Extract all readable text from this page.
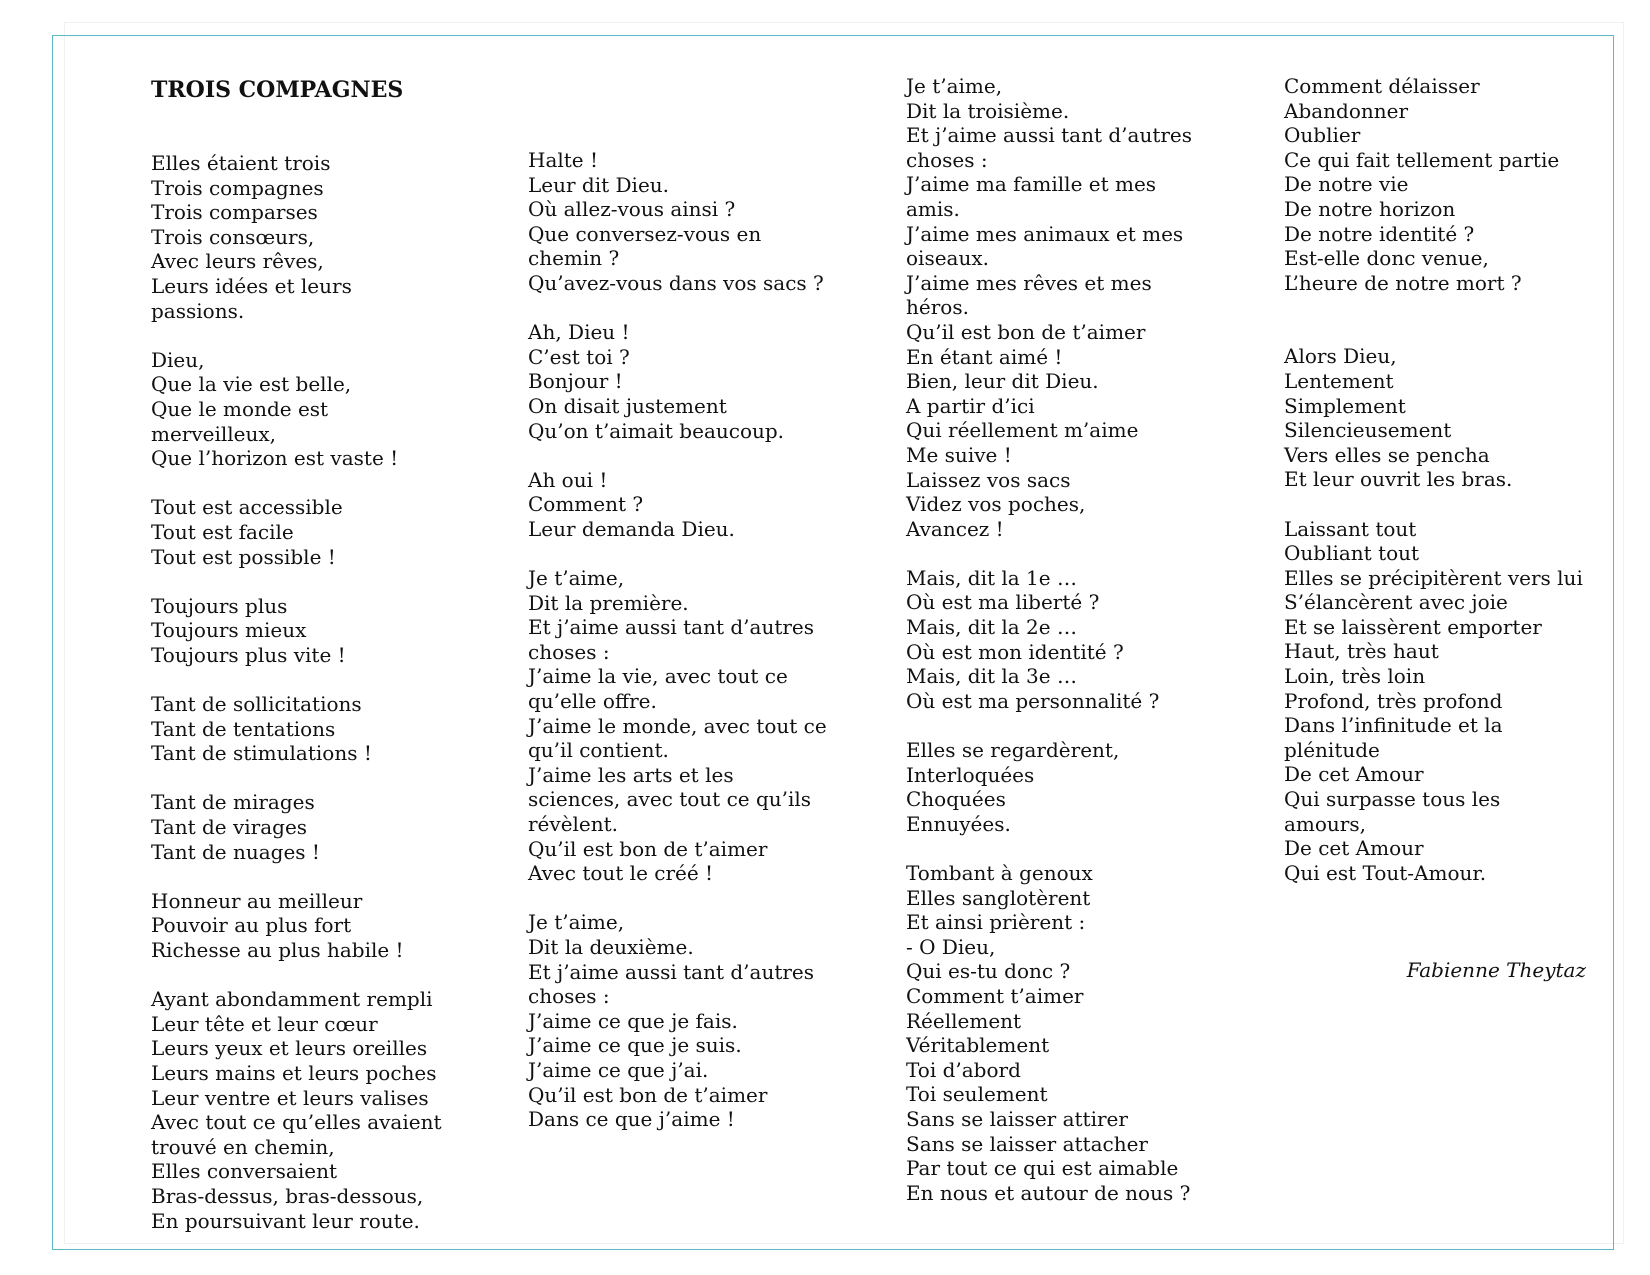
TROIS COMPAGNES
Elles étaient trois
Trois compagnes
Trois comparses
Trois consœurs,
Avec leurs rêves,
Leurs idées et leurs
passions.
Dieu,
Que la vie est belle,
Que le monde est
merveilleux,
Que l’horizon est vaste !
Tout est accessible
Tout est facile
Tout est possible !
Toujours plus
Toujours mieux
Toujours plus vite !
Tant de sollicitations
Tant de tentations
Tant de stimulations !
Tant de mirages
Tant de virages
Tant de nuages !
Honneur au meilleur
Pouvoir au plus fort
Richesse au plus habile !
Ayant abondamment rempli
Leur tête et leur cœur
Leurs yeux et leurs oreilles
Leurs mains et leurs poches
Leur ventre et leurs valises
Avec tout ce qu’elles avaient
trouvé en chemin,
Elles conversaient
Bras-dessus, bras-dessous,
En poursuivant leur route.
Halte !
Leur dit Dieu.
Où allez-vous ainsi ?
Que conversez-vous en
chemin ?
Qu’avez-vous dans vos sacs ?
Ah, Dieu !
C’est toi ?
Bonjour !
On disait justement
Qu’on t’aimait beaucoup.
Ah oui !
Comment ?
Leur demanda Dieu.
Je t’aime,
Dit la première.
Et j’aime aussi tant d’autres
choses :
J’aime la vie, avec tout ce
qu’elle offre.
J’aime le monde, avec tout ce
qu’il contient.
J’aime les arts et les
sciences, avec tout ce qu’ils
révèlent.
Qu’il est bon de t’aimer
Avec tout le créé !
Je t’aime,
Dit la deuxième.
Et j’aime aussi tant d’autres
choses :
J’aime ce que je fais.
J’aime ce que je suis.
J’aime ce que j’ai.
Qu’il est bon de t’aimer
Dans ce que j’aime !
Je t’aime,
Dit la troisième.
Et j’aime aussi tant d’autres
choses :
J’aime ma famille et mes
amis.
J’aime mes animaux et mes
oiseaux.
J’aime mes rêves et mes
héros.
Qu’il est bon de t’aimer
En étant aimé !
Bien, leur dit Dieu.
A partir d’ici
Qui réellement m’aime
Me suive !
Laissez vos sacs
Videz vos poches,
Avancez !
Mais, dit la 1e …
Où est ma liberté ?
Mais, dit la 2e …
Où est mon identité ?
Mais, dit la 3e …
Où est ma personnalité ?
Elles se regardèrent,
Interloquées
Choquées
Ennuyées.
Tombant à genoux
Elles sanglotèrent
Et ainsi prièrent :
- O Dieu,
Qui es-tu donc ?
Comment t’aimer
Réellement
Véritablement
Toi d’abord
Toi seulement
Sans se laisser attirer
Sans se laisser attacher
Par tout ce qui est aimable
En nous et autour de nous ?
Comment délaisser
Abandonner
Oublier
Ce qui fait tellement partie
De notre vie
De notre horizon
De notre identité ?
Est-elle donc venue,
L’heure de notre mort ?
Alors Dieu,
Lentement
Simplement
Silencieusement
Vers elles se pencha
Et leur ouvrit les bras.
Laissant tout
Oubliant tout
Elles se précipitèrent vers lui
S’élancèrent avec joie
Et se laissèrent emporter
Haut, très haut
Loin, très loin
Profond, très profond
Dans l’infinitude et la
plénitude
De cet Amour
Qui surpasse tous les
amours,
De cet Amour
Qui est Tout-Amour.
Fabienne Theytaz
